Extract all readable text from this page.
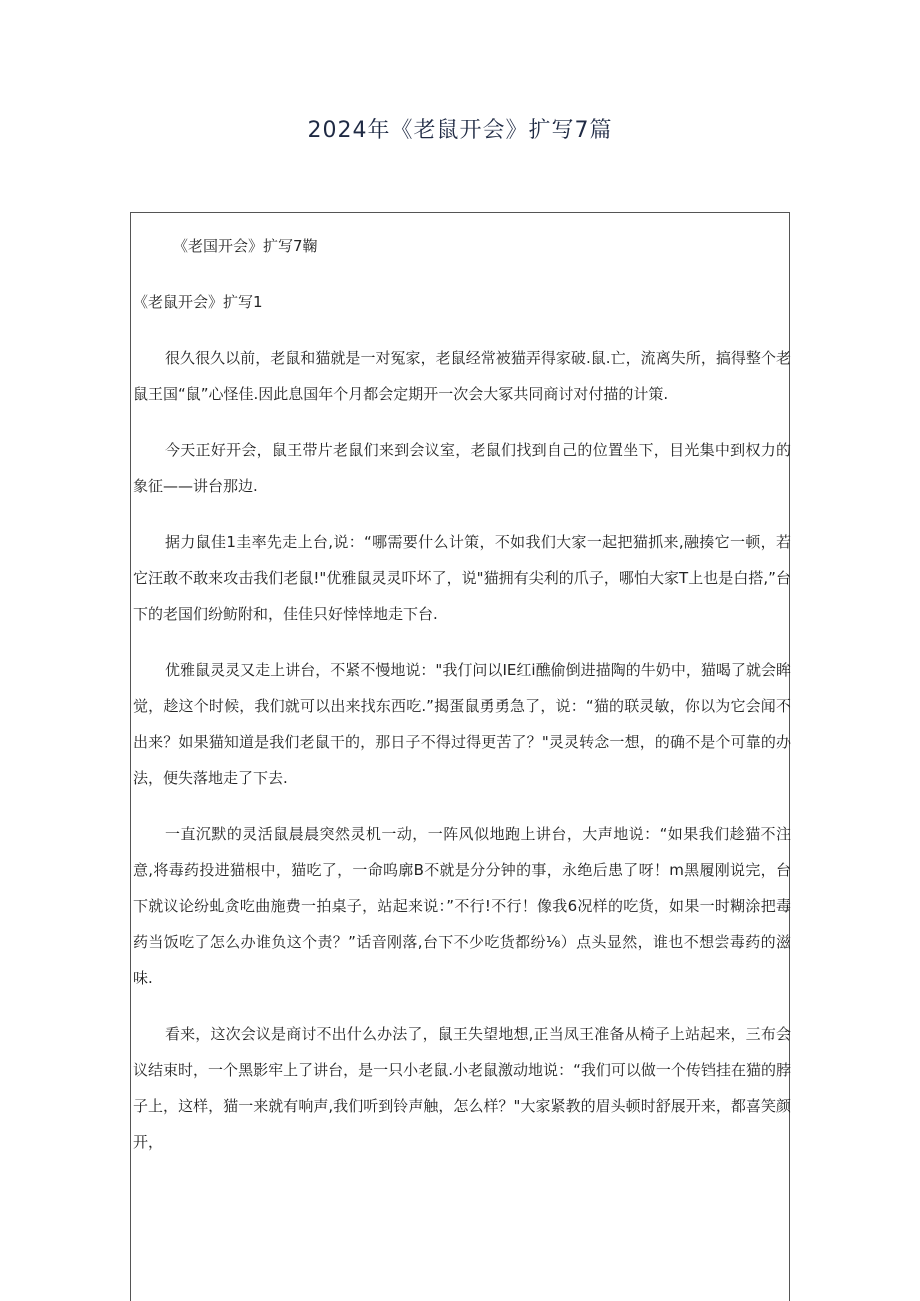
2024年《老鼠开会》扩写7篇

《老国开会》扩写7鞠

《老鼠开会》扩写1

很久很久以前，老鼠和猫就是一对冤家，老鼠经常被猫弄得家破.鼠.亡，流离失所，搞得整个老鼠王国“鼠”心怪佳.因此息国年个月都会定期开一次会大冢共同商讨对付描的计策.

今天正好开会，鼠王带片老鼠们来到会议室，老鼠们找到自己的位置坐下，目光集中到权力的象征——讲台那边.

据力鼠佳1圭率先走上台,说：“哪需要什么计策，不如我们大家一起把猫抓来,融揍它一顿，若它汪敢不敢来攻击我们老鼠!"优雅鼠灵灵吓坏了，说"猫拥有尖利的爪子，哪怕大家T上也是白搭,”台下的老国们纷鲂附和，佳佳只好悻悻地走下台.

优雅鼠灵灵又走上讲台，不紧不慢地说："我仃问以IE红i醮偷倒进描陶的牛奶中，猫喝了就会眸觉，趁这个时候，我们就可以出来找东西吃.”揭蛋鼠勇勇急了，说：“猫的联灵敏，你以为它会闻不出来？如果猫知道是我们老鼠干的，那日子不得过得更苦了？"灵灵转念一想，的确不是个可靠的办法，便失落地走了下去.

一直沉默的灵活鼠晨晨突然灵机一动，一阵风似地跑上讲台，大声地说：“如果我们趁猫不注意,将毒药投进猫根中，猫吃了，一命呜廓B不就是分分钟的事，永绝后患了呀！m黑履刚说完，台下就议论纷虬贪吃曲施费一拍桌子，站起来说：”不行!不行！像我6况样的吃货，如果一时糊涂把毒药当饭吃了怎么办谁负这个责？”话音刚落,台下不少吃货都纷⅛）点头显然，谁也不想尝毒药的滋味.

看来，这次会议是商讨不出什么办法了，鼠王失望地想,正当凤王准备从椅子上站起来，三布会议结束时，一个黑影牢上了讲台，是一只小老鼠.小老鼠激动地说：“我们可以做一个传铛挂在猫的脖子上，这样，猫一来就有响声,我们听到铃声触，怎么样？"大家紧教的眉头顿时舒展开来，都喜笑颜开，
